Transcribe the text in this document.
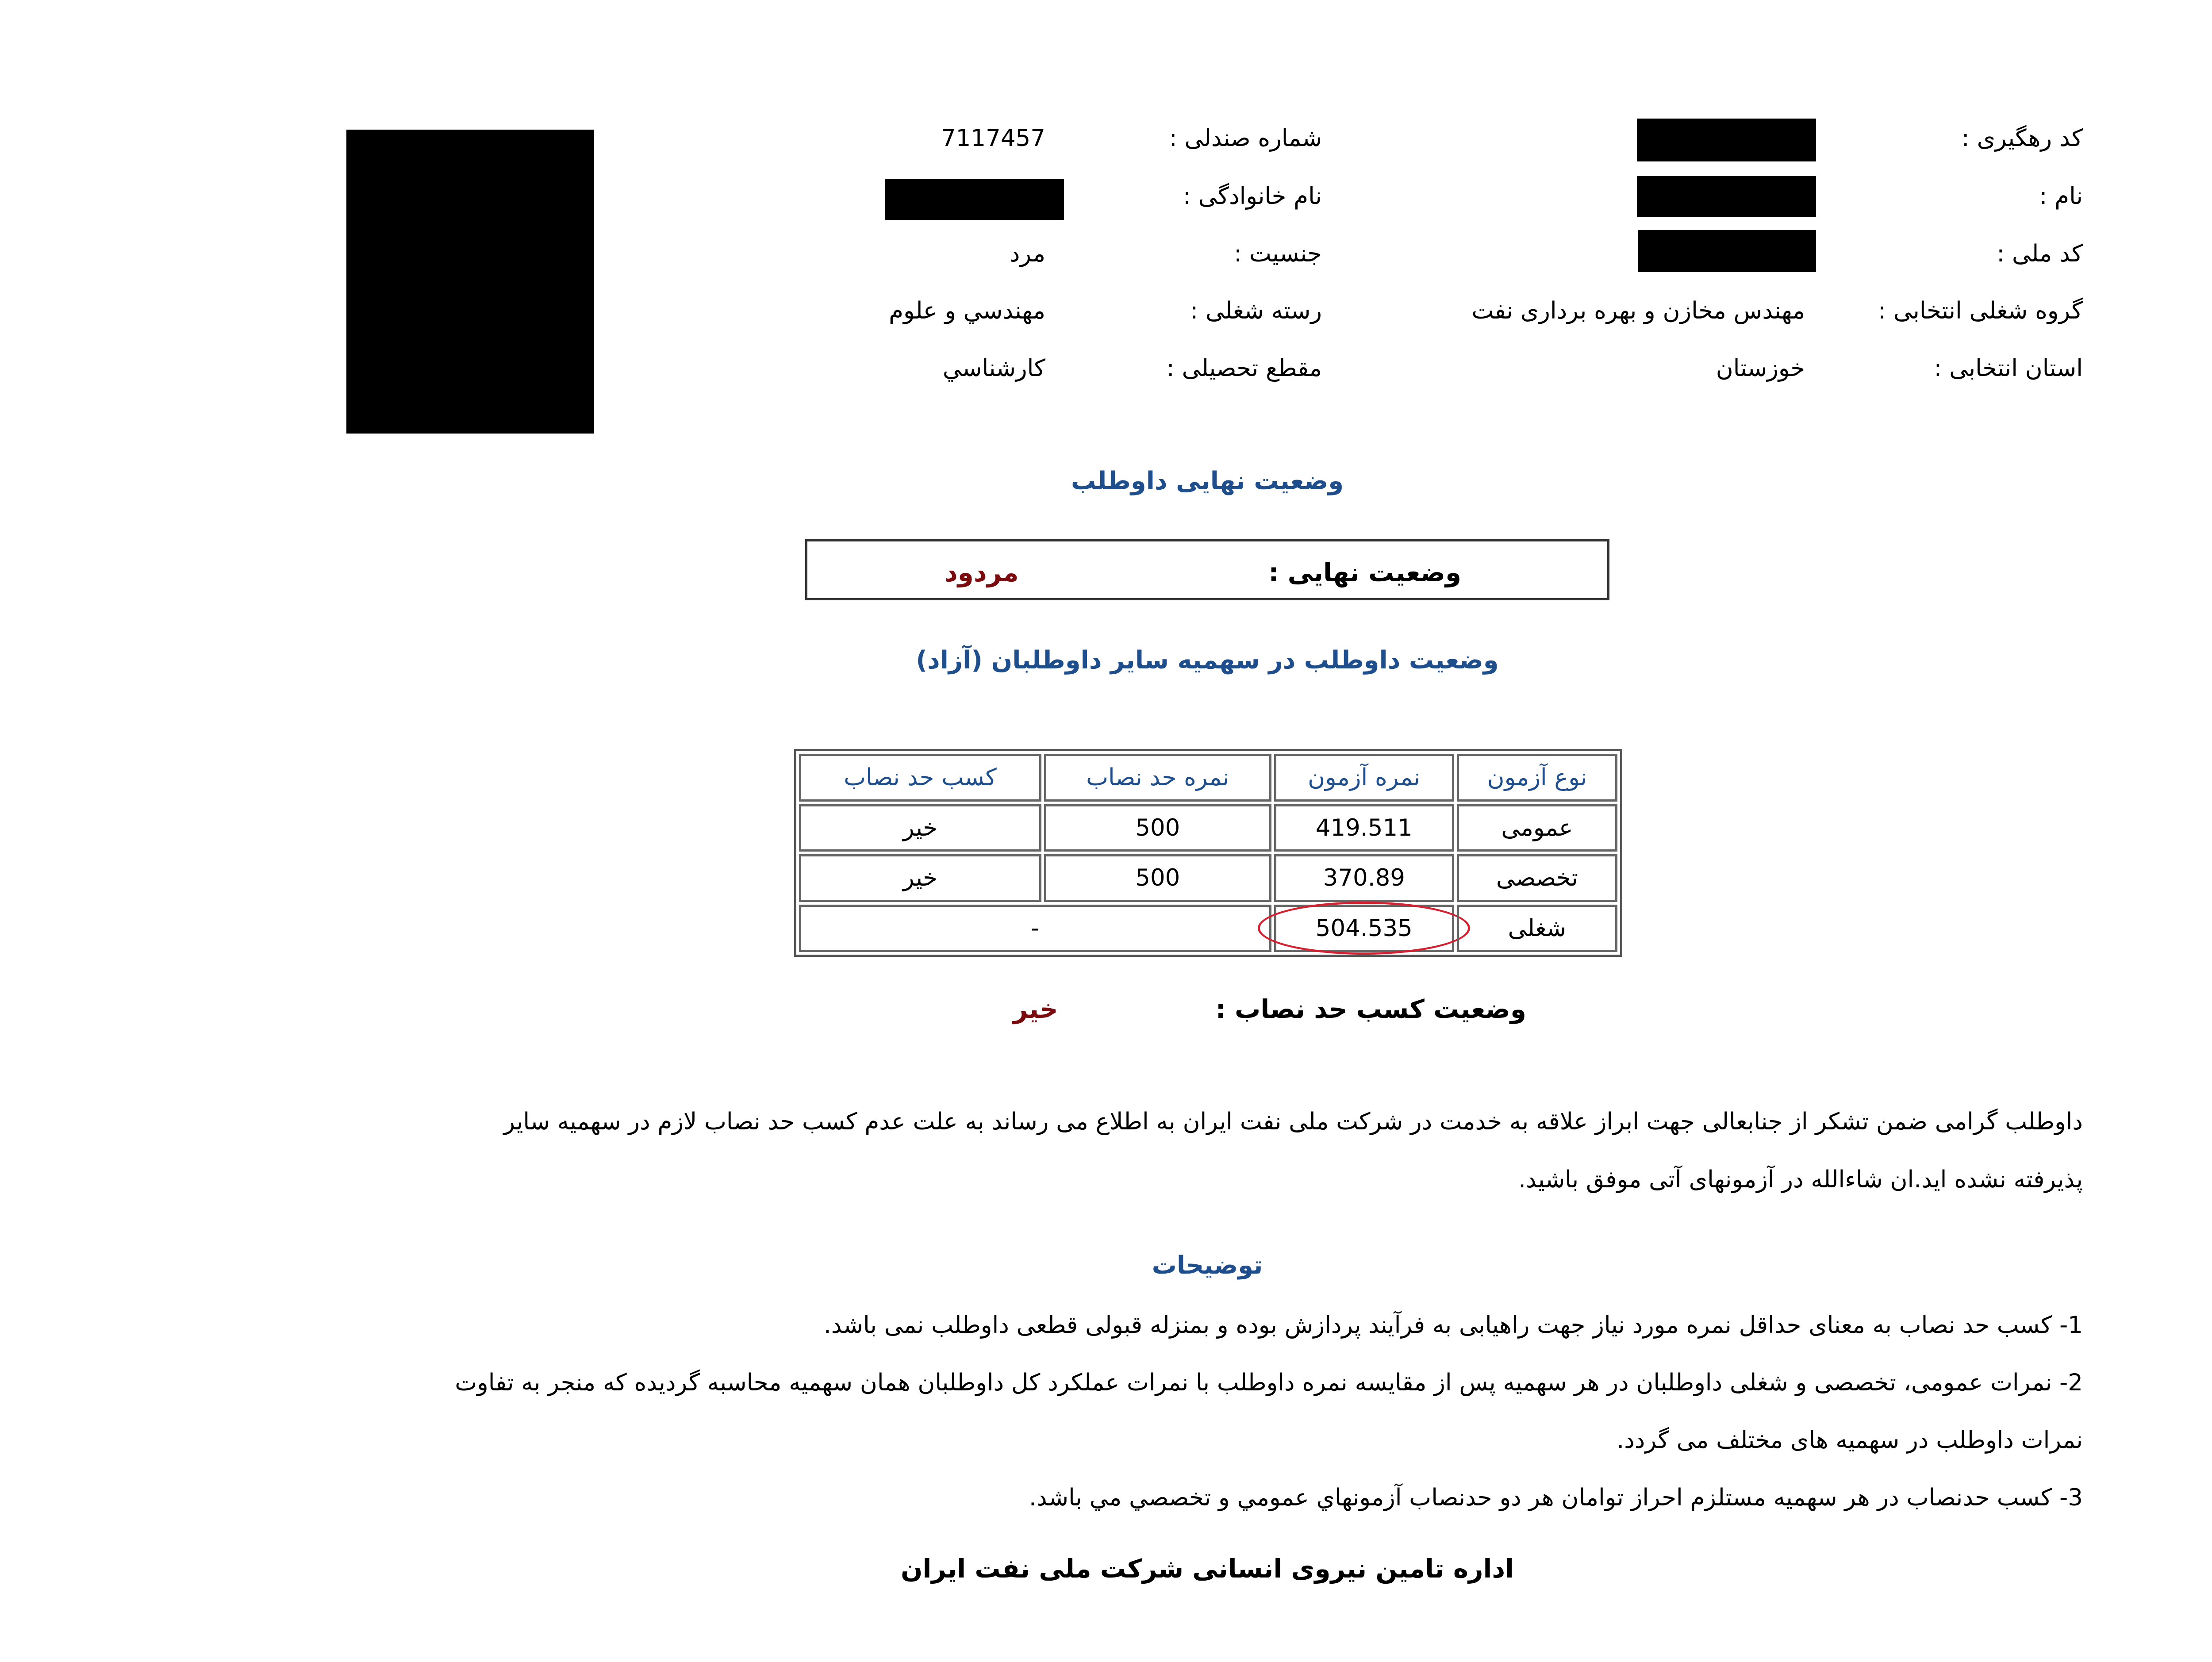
کد رهگیری :
نام :
کد ملی :
گروه شغلی انتخابی :
مهندس مخازن و بهره برداری نفت
استان انتخابی :
خوزستان
شماره صندلی :
7117457
نام خانوادگی :
جنسیت :
مرد
رسته شغلی :
مهندسي و علوم
مقطع تحصیلی :
کارشناسي
وضعیت نهایی داوطلب
وضعیت نهایی :
مردود
وضعیت داوطلب در سهمیه سایر داوطلبان (آزاد)
کسب حد نصاب	نمره حد نصاب	نمره آزمون	نوع آزمون
خیر	500	419.511	عمومی
خیر	500	370.89	تخصصی
-		504.535	شغلی
وضعیت کسب حد نصاب :
خیر
داوطلب گرامی ضمن تشکر از جنابعالی جهت ابراز علاقه به خدمت در شرکت ملی نفت ایران به اطلاع می رساند به علت عدم کسب حد نصاب لازم در سهمیه سایر
پذیرفته نشده اید.ان شاءالله در آزمونهای آتی موفق باشید.
توضیحات
1- کسب حد نصاب به معنای حداقل نمره مورد نیاز جهت راهیابی به فرآیند پردازش بوده و بمنزله قبولی قطعی داوطلب نمی باشد.
2- نمرات عمومی، تخصصی و شغلی داوطلبان در هر سهمیه پس از مقایسه نمره داوطلب با نمرات عملکرد کل داوطلبان همان سهمیه محاسبه گردیده که منجر به تفاوت
نمرات داوطلب در سهمیه های مختلف می گردد.
3- کسب حدنصاب در هر سهمیه مستلزم احراز توامان هر دو حدنصاب آزمونهاي عمومي و تخصصي مي باشد.
اداره تامین نیروی انسانی شرکت ملی نفت ایران
